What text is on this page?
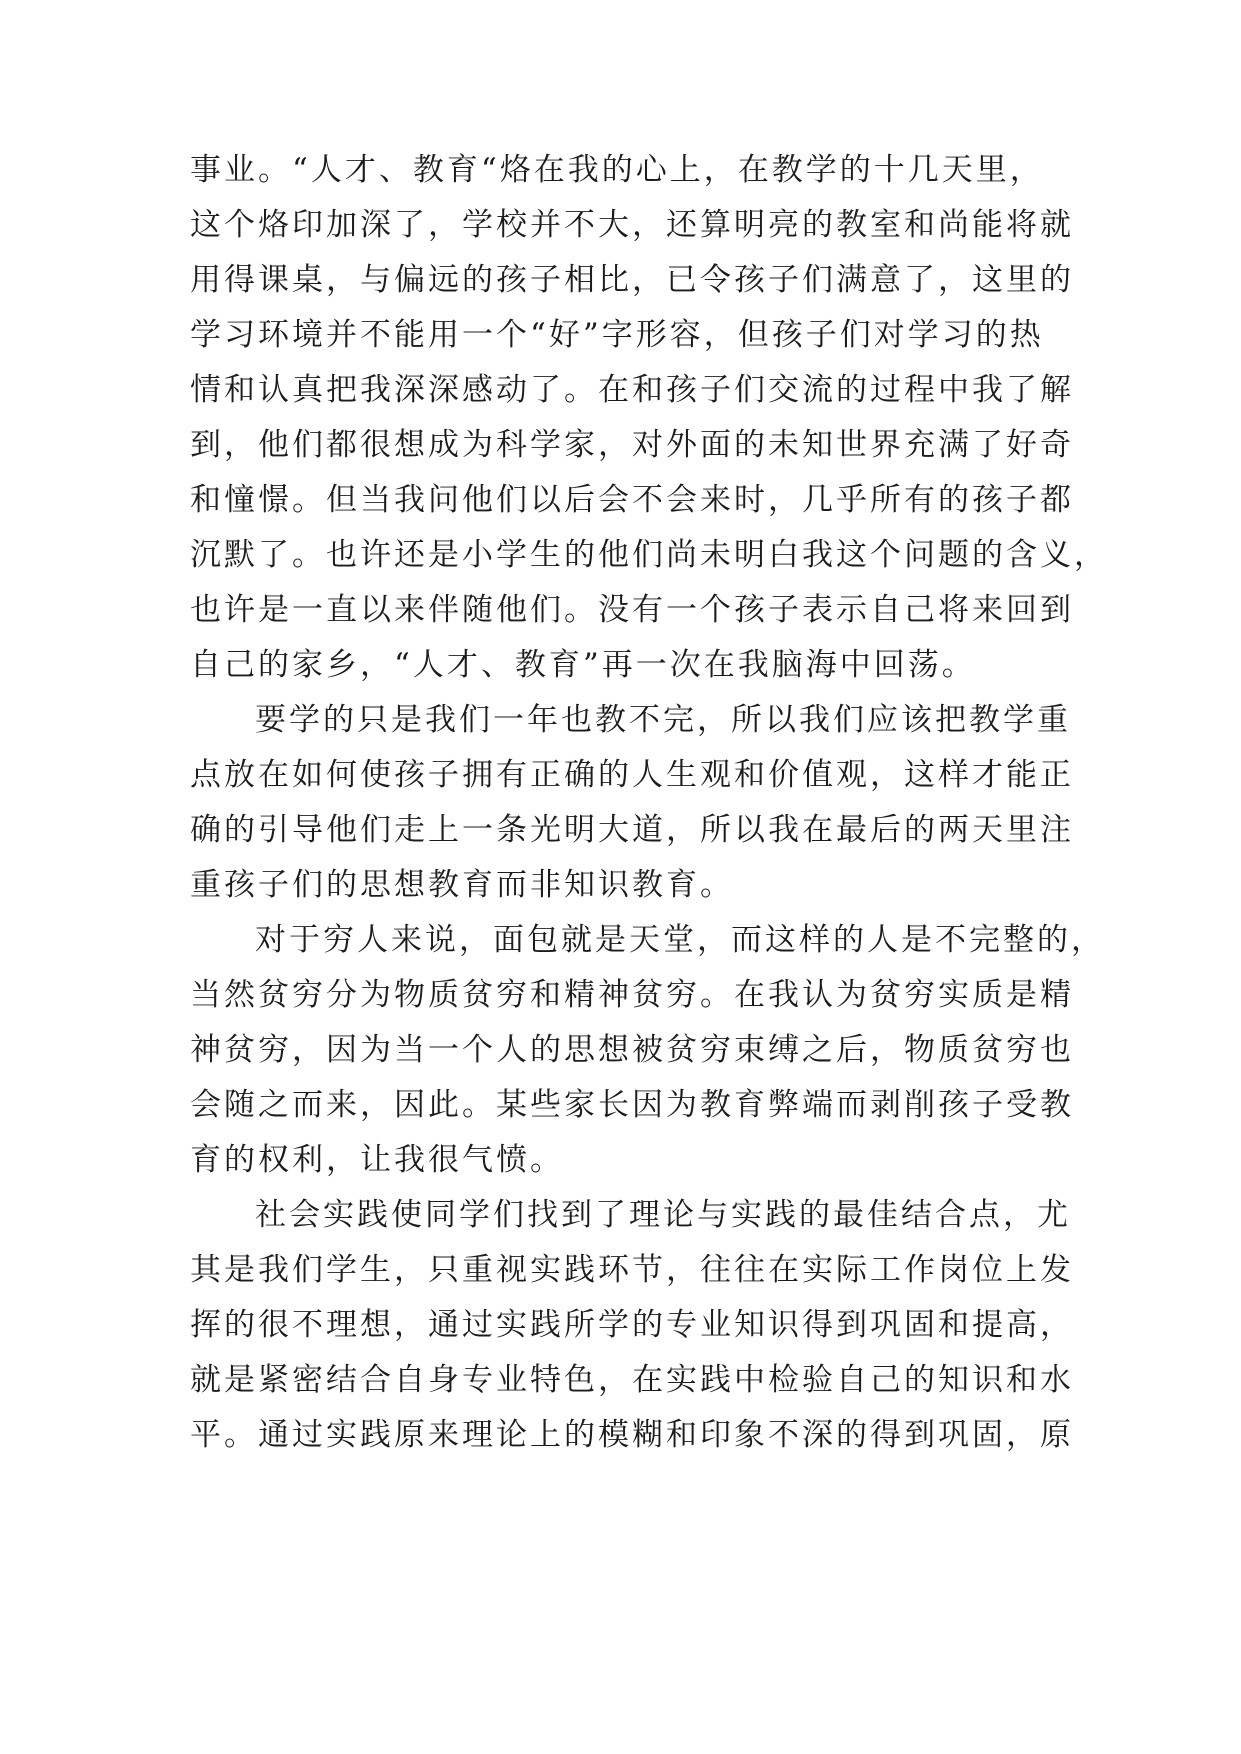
事业。“人才、教育“烙在我的心上，在教学的十几天里，
这个烙印加深了，学校并不大，还算明亮的教室和尚能将就
用得课桌，与偏远的孩子相比，已令孩子们满意了，这里的
学习环境并不能用一个“好”字形容，但孩子们对学习的热
情和认真把我深深感动了。在和孩子们交流的过程中我了解
到，他们都很想成为科学家，对外面的未知世界充满了好奇
和憧憬。但当我问他们以后会不会来时，几乎所有的孩子都
沉默了。也许还是小学生的他们尚未明白我这个问题的含义，
也许是一直以来伴随他们。没有一个孩子表示自己将来回到
自己的家乡，“人才、教育”再一次在我脑海中回荡。
要学的只是我们一年也教不完，所以我们应该把教学重
点放在如何使孩子拥有正确的人生观和价值观，这样才能正
确的引导他们走上一条光明大道，所以我在最后的两天里注
重孩子们的思想教育而非知识教育。
对于穷人来说，面包就是天堂，而这样的人是不完整的，
当然贫穷分为物质贫穷和精神贫穷。在我认为贫穷实质是精
神贫穷，因为当一个人的思想被贫穷束缚之后，物质贫穷也
会随之而来，因此。某些家长因为教育弊端而剥削孩子受教
育的权利，让我很气愤。
社会实践使同学们找到了理论与实践的最佳结合点，尤
其是我们学生，只重视实践环节，往往在实际工作岗位上发
挥的很不理想，通过实践所学的专业知识得到巩固和提高，
就是紧密结合自身专业特色，在实践中检验自己的知识和水
平。通过实践原来理论上的模糊和印象不深的得到巩固，原
